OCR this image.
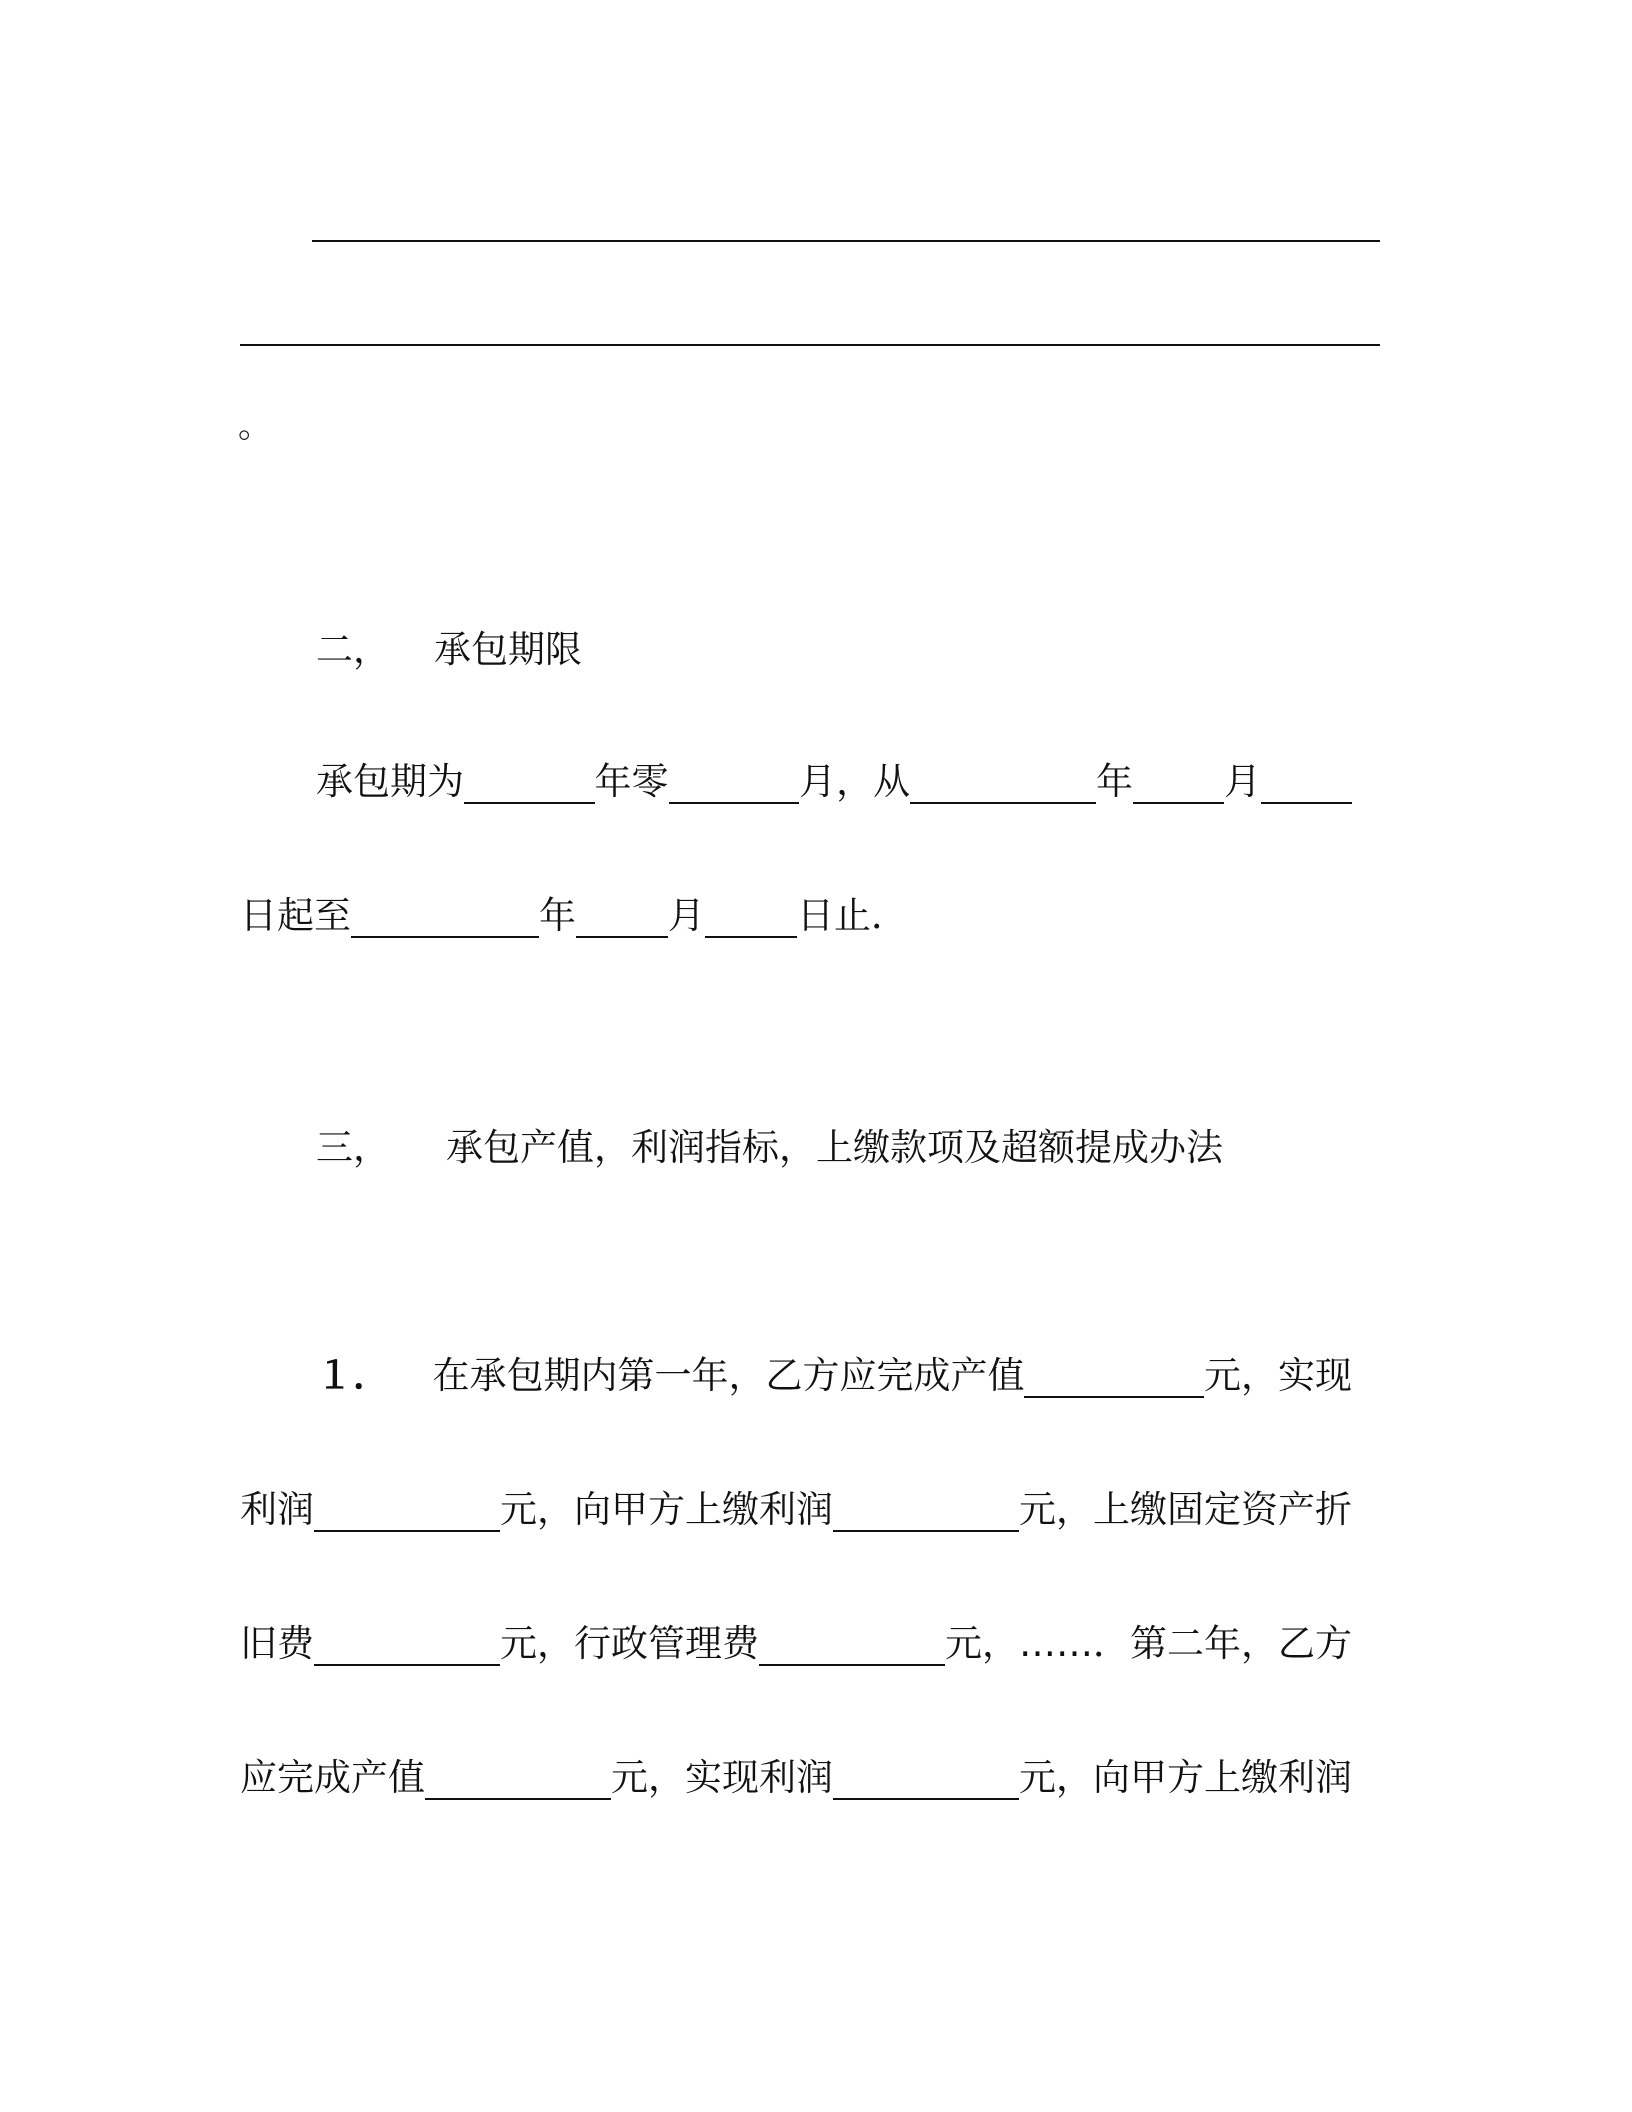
。
二， 承包期限
承包期为	年零	月，从	年 月
日起至	年 月 日止．
三， 承包产值，利润指标，上缴款项及超额提成办法
１． 在承包期内第一年，乙方应完成产值	元，实现
利润	元，向甲方上缴利润	元，上缴固定资产折
旧费	元，行政管理费	元，……．第二年，乙方
应完成产值	元，实现利润	元，向甲方上缴利润
